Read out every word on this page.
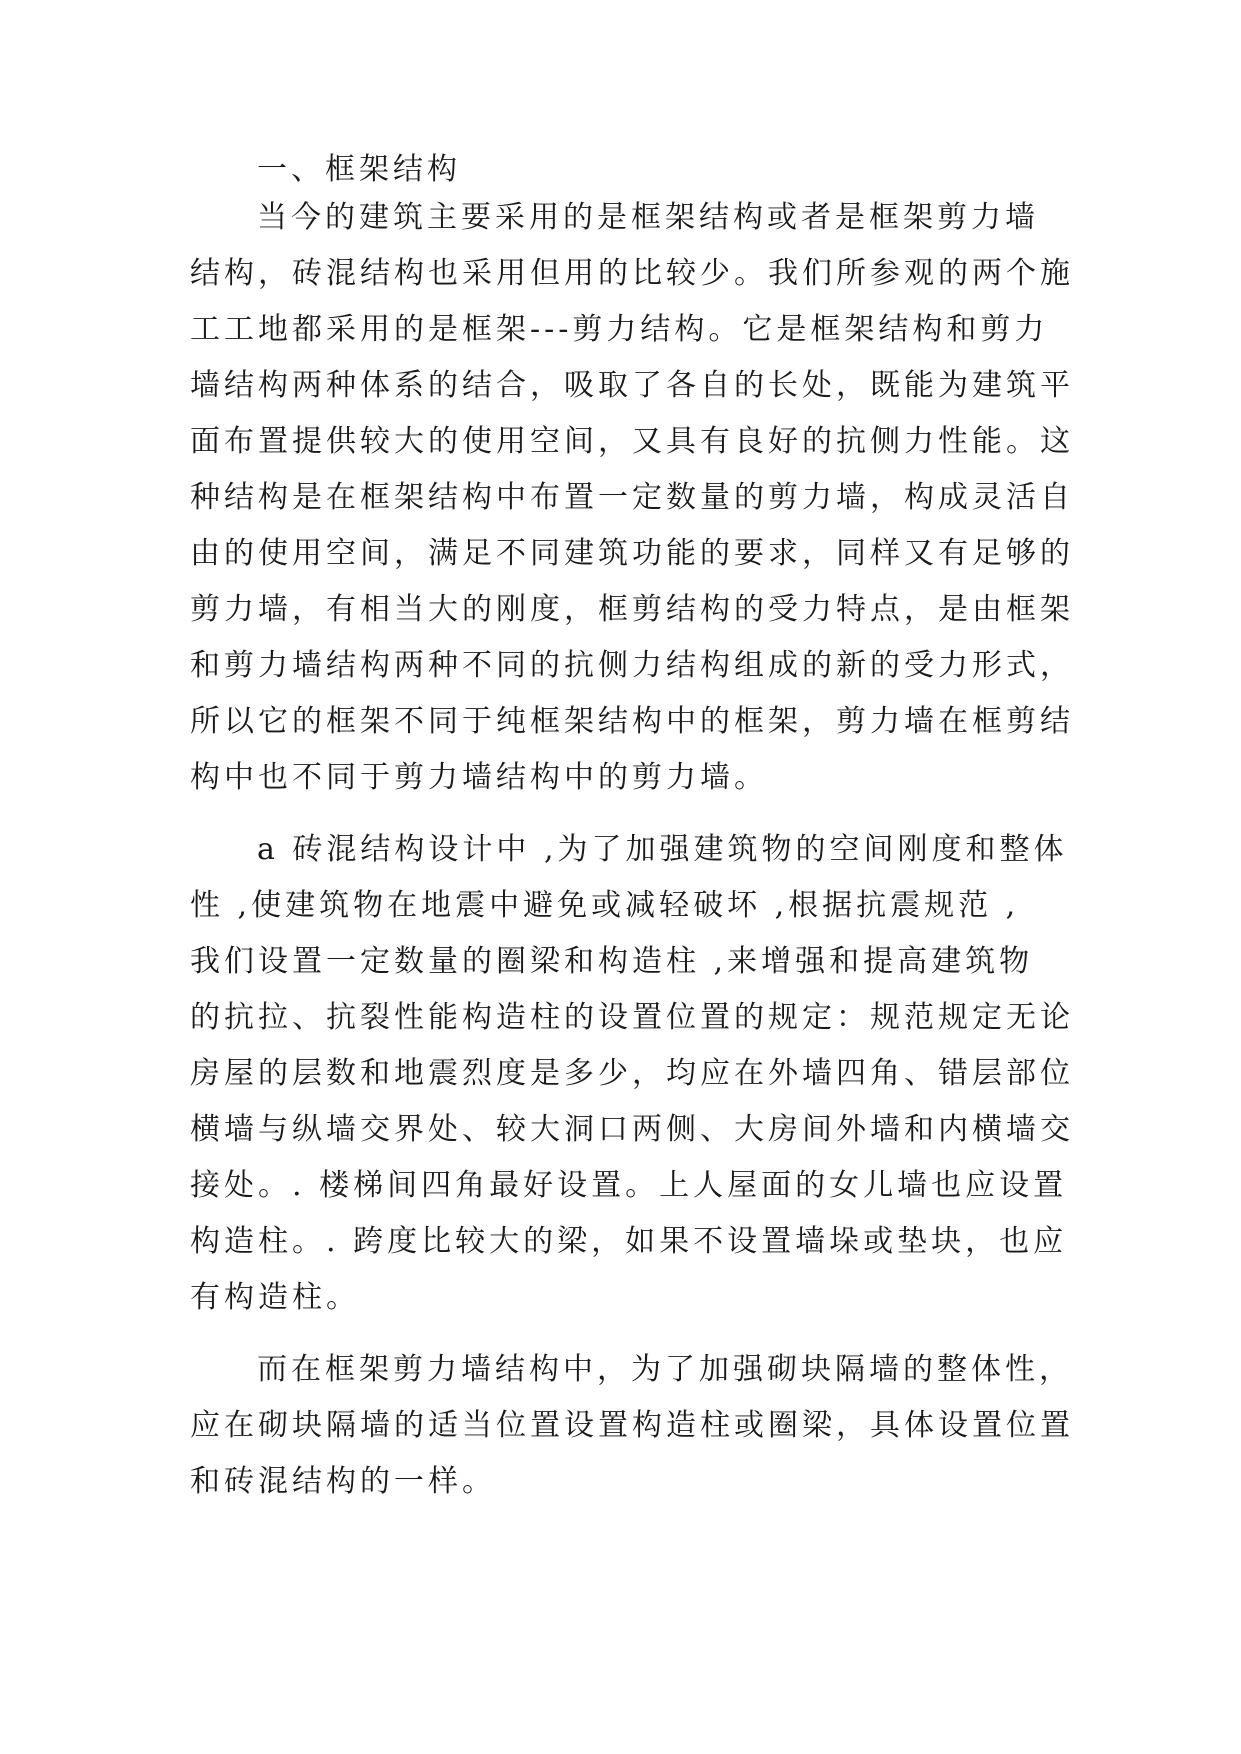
一、框架结构
当今的建筑主要采用的是框架结构或者是框架剪力墙
结构，砖混结构也采用但用的比较少。我们所参观的两个施
工工地都采用的是框架---剪力结构。它是框架结构和剪力
墙结构两种体系的结合，吸取了各自的长处，既能为建筑平
面布置提供较大的使用空间，又具有良好的抗侧力性能。这
种结构是在框架结构中布置一定数量的剪力墙，构成灵活自
由的使用空间，满足不同建筑功能的要求，同样又有足够的
剪力墙，有相当大的刚度，框剪结构的受力特点，是由框架
和剪力墙结构两种不同的抗侧力结构组成的新的受力形式，
所以它的框架不同于纯框架结构中的框架，剪力墙在框剪结
构中也不同于剪力墙结构中的剪力墙。
a 砖混结构设计中 ,为了加强建筑物的空间刚度和整体
性 ,使建筑物在地震中避免或减轻破坏 ,根据抗震规范 ,
我们设置一定数量的圈梁和构造柱 ,来增强和提高建筑物
的抗拉、抗裂性能构造柱的设置位置的规定：规范规定无论
房屋的层数和地震烈度是多少，均应在外墙四角、错层部位
横墙与纵墙交界处、较大洞口两侧、大房间外墙和内横墙交
接处。. 楼梯间四角最好设置。上人屋面的女儿墙也应设置
构造柱。. 跨度比较大的梁，如果不设置墙垛或垫块，也应
有构造柱。
而在框架剪力墙结构中，为了加强砌块隔墙的整体性，
应在砌块隔墙的适当位置设置构造柱或圈梁，具体设置位置
和砖混结构的一样。
